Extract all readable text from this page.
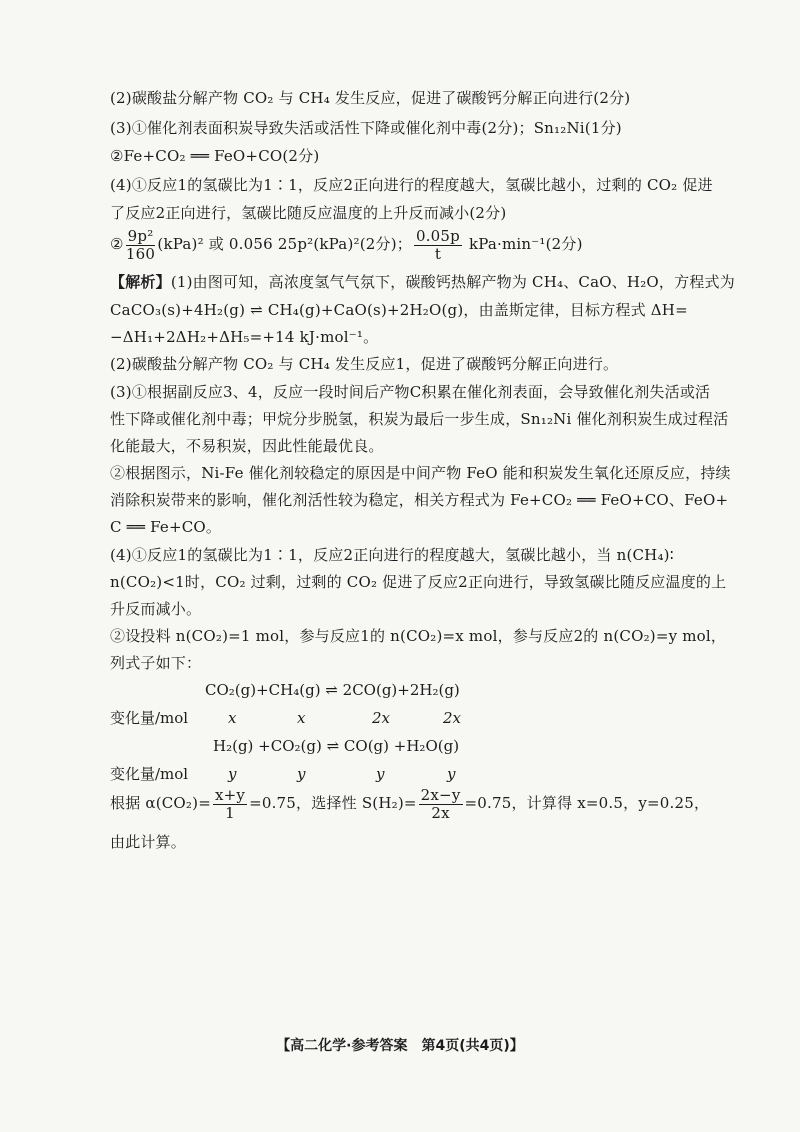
(2)碳酸盐分解产物 CO₂ 与 CH₄ 发生反应，促进了碳酸钙分解正向进行(2分)
(3)①催化剂表面积炭导致失活或活性下降或催化剂中毒(2分)；Sn₁₂Ni(1分)
②Fe+CO₂ ══ FeO+CO(2分)
(4)①反应1的氢碳比为1∶1，反应2正向进行的程度越大，氢碳比越小，过剩的 CO₂ 促进
了反应2正向进行，氢碳比随反应温度的上升反而减小(2分)
② $\frac{\text{9p²}}{160} (kPa)^2$ 或 0.056 25p²(kPa)²(2分)； $\frac{0.05p}{t} kPa\cdot\min^{-1}(2$分)
【解析】(1)由图可知，高浓度氢气气氛下，碳酸钙热解产物为 CH₄、CaO、H₂O，方程式为
CaCO₃(s)+4H₂(g) ⇌ CH₄(g)+CaO(s)+2H₂O(g)，由盖斯定律，目标方程式 ΔH=
−ΔH₁+2ΔH₂+ΔH₅=+14 kJ·mol⁻¹。
(2)碳酸盐分解产物 CO₂ 与 CH₄ 发生反应1，促进了碳酸钙分解正向进行。
(3)①根据副反应3、4，反应一段时间后产物C积累在催化剂表面，会导致催化剂失活或活
性下降或催化剂中毒；甲烷分步脱氢，积炭为最后一步生成，Sn₁₂Ni 催化剂积炭生成过程活
化能最大，不易积炭，因此性能最优良。
②根据图示，Ni-Fe 催化剂较稳定的原因是中间产物 FeO 能和积炭发生氧化还原反应，持续
消除积炭带来的影响，催化剂活性较为稳定，相关方程式为 Fe+CO₂ ══ FeO+CO、FeO+
C ══ Fe+CO。
(4)①反应1的氢碳比为1∶1，反应2正向进行的程度越大，氢碳比越小，当 n(CH₄)∶
n(CO₂)<1时，CO₂ 过剩，过剩的 CO₂ 促进了反应2正向进行，导致氢碳比随反应温度的上
升反而减小。
②设投料 n(CO₂)=1 mol，参与反应1的 n(CO₂)=x mol，参与反应2的 n(CO₂)=y mol，
列式子如下：
CO₂(g)+CH₄(g) ⇌ 2CO(g)+2H₂(g)
变化量/mol	x	x	2x	2x
H₂(g) +CO₂(g) ⇌ CO(g) +H₂O(g)
变化量/mol	y	y	y	y
根据 $\alpha(CO_2)= \frac{x+y}{1} =0.75$，选择性 $S(H_2)= \frac{2x-y}{2x} =0.75$，计算得 x=0.5，y=0.25，
由此计算。
【高二化学·参考答案　第4页(共4页)】
